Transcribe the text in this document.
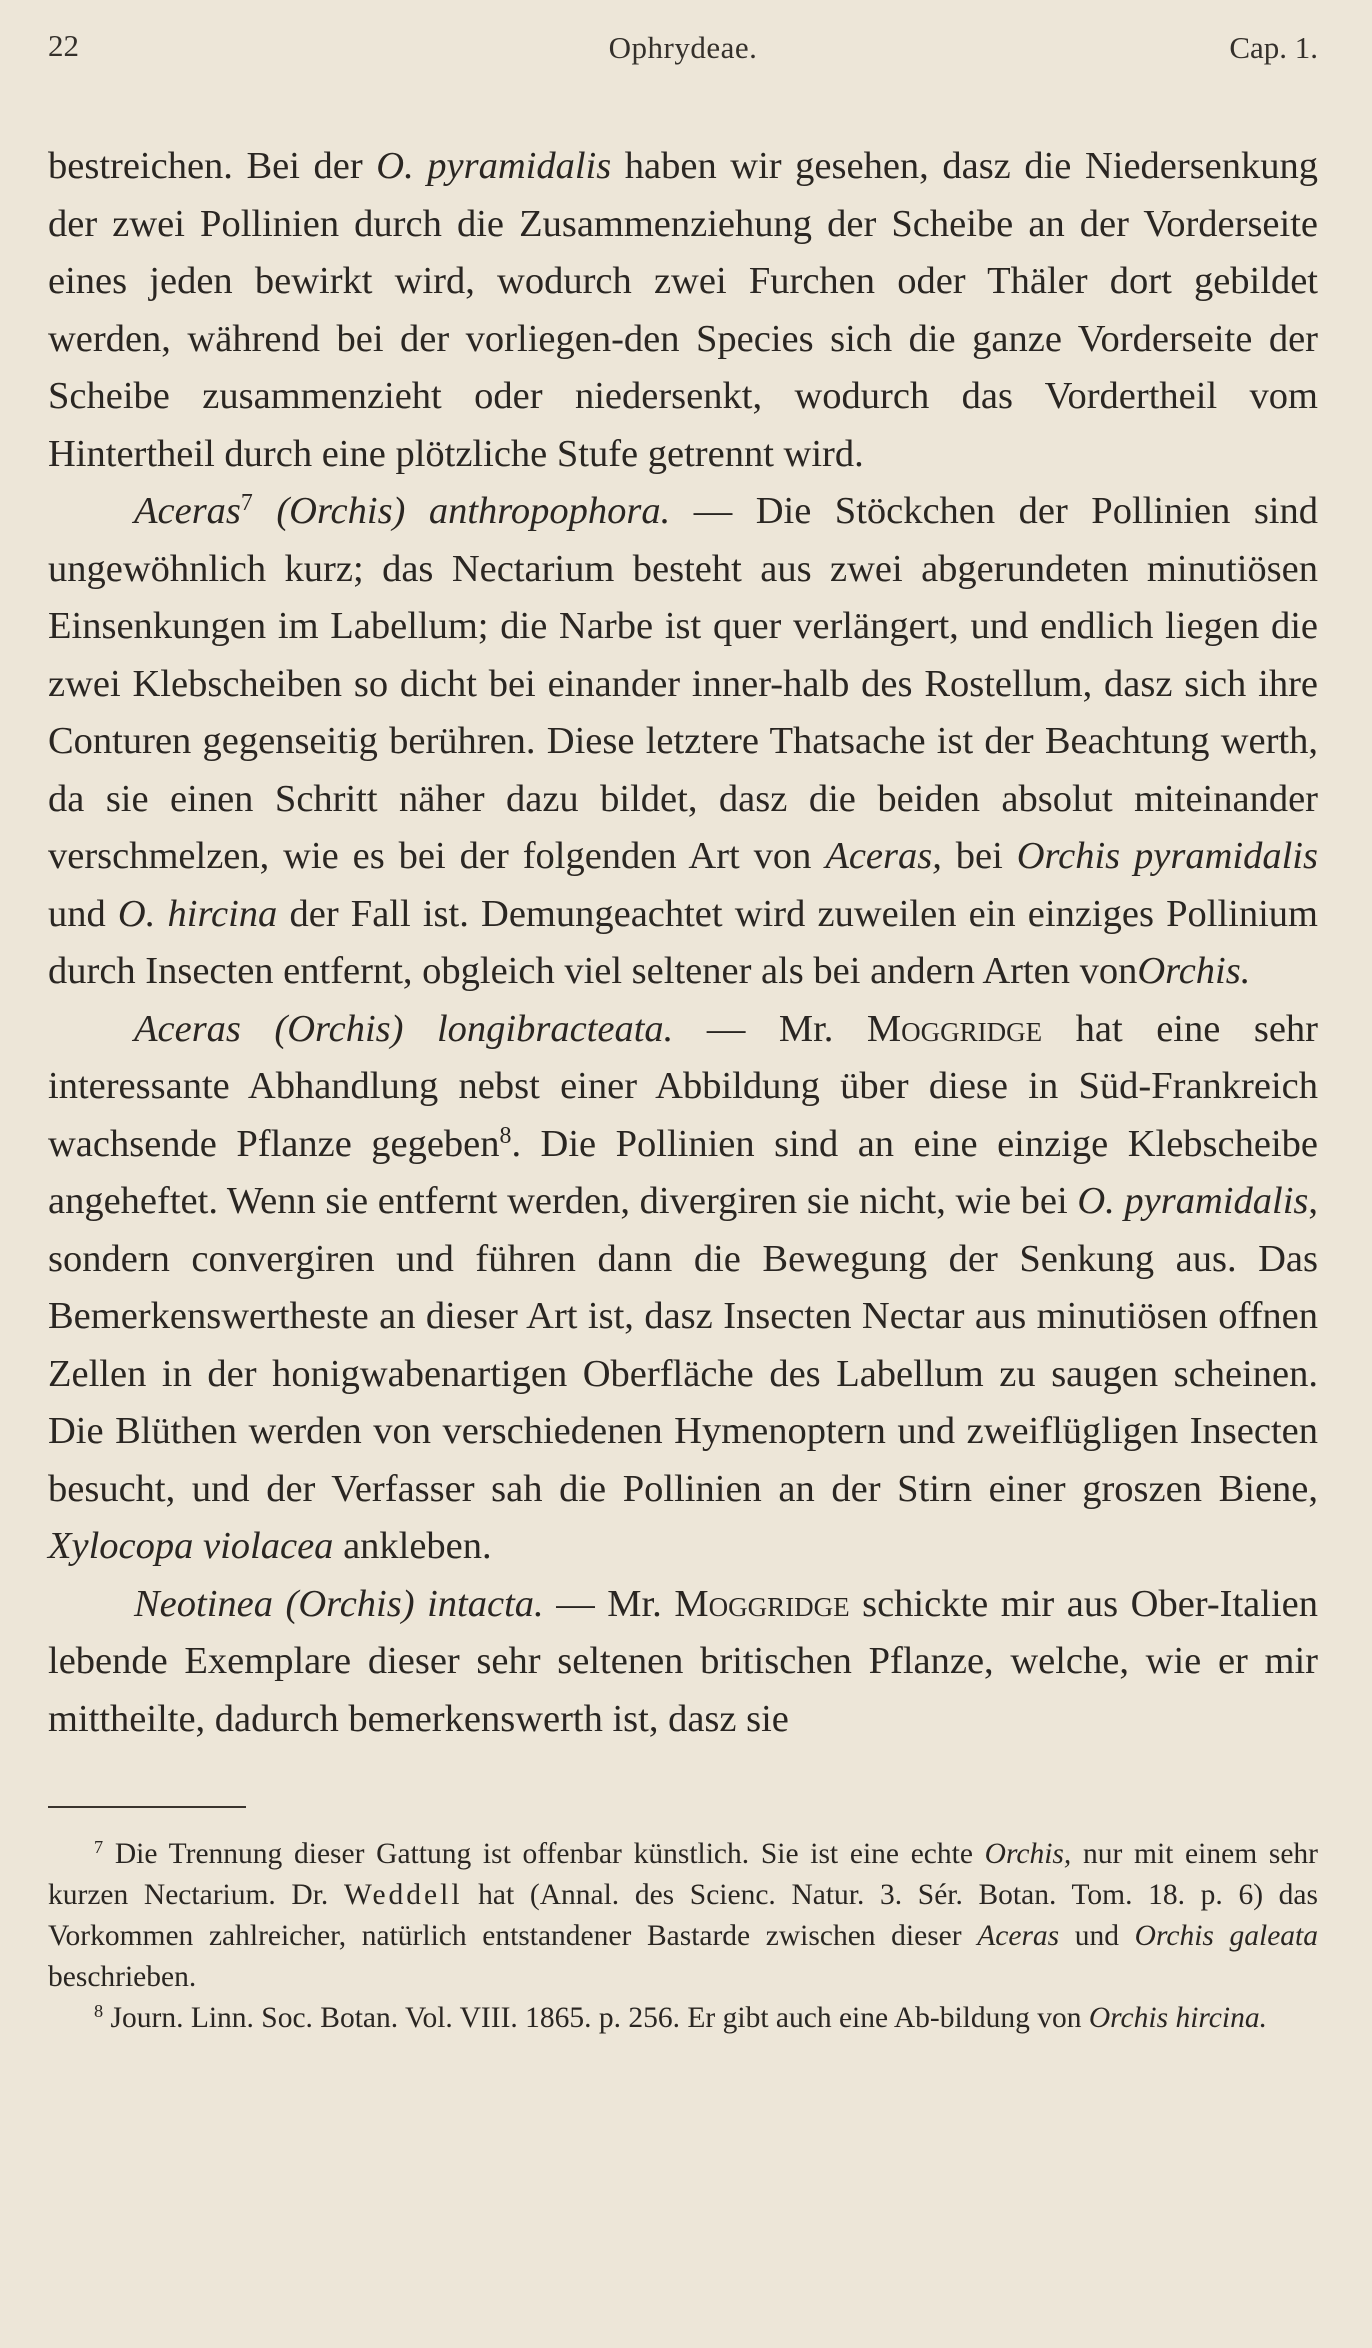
22	Ophrydeae.	Cap. 1.

bestreichen. Bei der O. pyramidalis haben wir gesehen, dasz die Niedersenkung der zwei Pollinien durch die Zusammenziehung der Scheibe an der Vorderseite eines jeden bewirkt wird, wodurch zwei Furchen oder Thäler dort gebildet werden, während bei der vorliegen-den Species sich die ganze Vorderseite der Scheibe zusammenzieht oder niedersenkt, wodurch das Vordertheil vom Hintertheil durch eine plötzliche Stufe getrennt wird.

Aceras$^7$ (Orchis) anthropophora. — Die Stöckchen der Pollinien sind ungewöhnlich kurz; das Nectarium besteht aus zwei abgerundeten minutiösen Einsenkungen im Labellum; die Narbe ist quer verlängert, und endlich liegen die zwei Klebscheiben so dicht bei einander inner-halb des Rostellum, dasz sich ihre Conturen gegenseitig berühren. Diese letztere Thatsache ist der Beachtung werth, da sie einen Schritt näher dazu bildet, dasz die beiden absolut miteinander verschmelzen, wie es bei der folgenden Art von Aceras, bei Orchis pyramidalis und O. hircina der Fall ist. Demungeachtet wird zuweilen ein einziges Pollinium durch Insecten entfernt, obgleich viel seltener als bei andern Arten vonOrchis.

Aceras (Orchis) longibracteata. — Mr. Moggridge hat eine sehr interessante Abhandlung nebst einer Abbildung über diese in Süd-Frankreich wachsende Pflanze gegeben$^8$. Die Pollinien sind an eine einzige Klebscheibe angeheftet. Wenn sie entfernt werden, divergiren sie nicht, wie bei O. pyramidalis, sondern convergiren und führen dann die Bewegung der Senkung aus. Das Bemerkenswertheste an dieser Art ist, dasz Insecten Nectar aus minutiösen offnen Zellen in der honigwabenartigen Oberfläche des Labellum zu saugen scheinen. Die Blüthen werden von verschiedenen Hymenoptern und zweiflügligen Insecten besucht, und der Verfasser sah die Pollinien an der Stirn einer groszen Biene, Xylocopa violacea ankleben.

Neotinea (Orchis) intacta. — Mr. Moggridge schickte mir aus Ober-Italien lebende Exemplare dieser sehr seltenen britischen Pflanze, welche, wie er mir mittheilte, dadurch bemerkenswerth ist, dasz sie

$^7$ Die Trennung dieser Gattung ist offenbar künstlich. Sie ist eine echte Orchis, nur mit einem sehr kurzen Nectarium. Dr. Weddell hat (Annal. des Scienc. Natur. 3. Sér. Botan. Tom. 18. p. 6) das Vorkommen zahlreicher, natürlich entstandener Bastarde zwischen dieser Aceras und Orchis galeata beschrieben.

$^8$ Journ. Linn. Soc. Botan. Vol. VIII. 1865. p. 256. Er gibt auch eine Ab-bildung von Orchis hircina.
